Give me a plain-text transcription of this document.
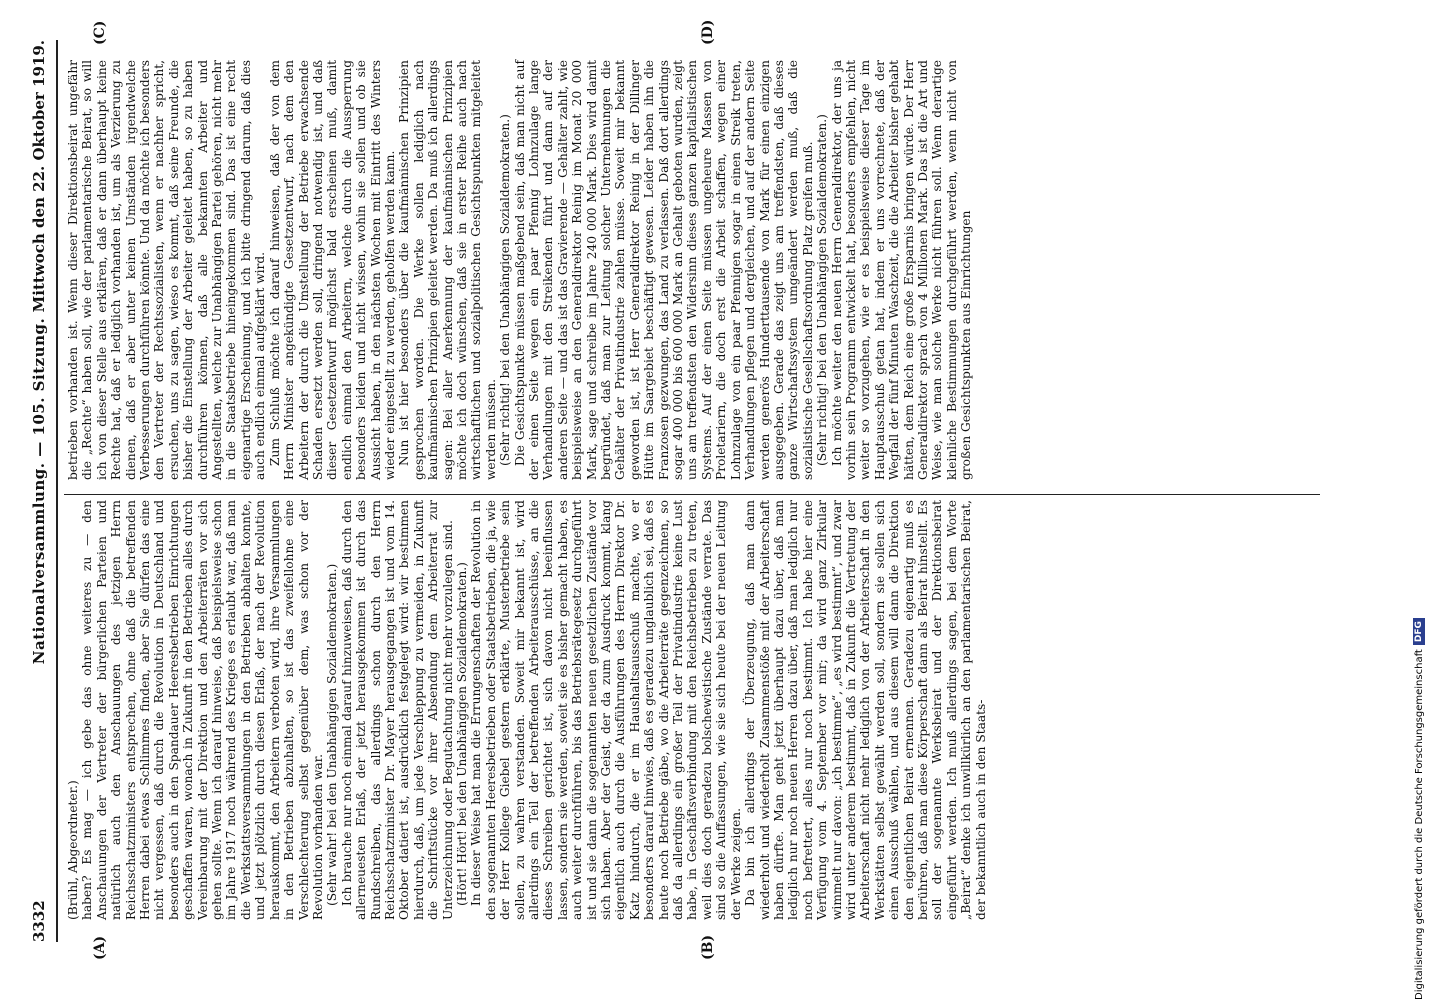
3332
Nationalversammlung. — 105. Sitzung.
Mittwoch den 22. Oktober 1919.
(A)	(B)
(C)	(D)

(Brühl, Abgeordneter.) haben? Es mag — ich gebe das ohne weiteres zu — den Anschauungen der Vertreter der bürgerlichen Parteien und natürlich auch den Anschauungen des jetzigen Herrn Reichsschatzministers entsprechen, ohne daß die betreffenden Herren dabei etwas Schlimmes finden, aber Sie dürfen das eine nicht vergessen, daß durch die Revolution in Deutschland und besonders auch in den Spandauer Heeresbetrieben Einrichtungen geschaffen waren, wonach in Zukunft in den Betrieben alles durch Vereinbarung mit der Direktion und den Arbeiterräten vor sich gehen sollte. Wenn ich darauf hinweise, daß beispielsweise schon im Jahre 1917 noch während des Krieges es erlaubt war, daß man die Werkstattsversammlungen in den Betrieben abhalten konnte, und jetzt plötzlich durch diesen Erlaß, der nach der Revolution herauskommt, den Arbeitern verboten wird, ihre Versammlungen in den Betrieben abzuhalten, so ist das zweifellohne eine Verschlechterung selbst gegenüber dem, was schon vor der Revolution vorhanden war. (Sehr wahr! bei den Unabhängigen Sozialdemokraten.) Ich brauche nur noch einmal darauf hinzuweisen, daß durch den allerneuesten Erlaß, der jetzt herausgekommen ist durch das Rundschreiben, das allerdings schon durch den Herrn Reichsschatzminister Dr. Mayer herausgegangen ist und vom 14. Oktober datiert ist, ausdrücklich festgelegt wird: wir bestimmen hierdurch, daß, um jede Verschleppung zu vermeiden, in Zukunft die Schriftstücke vor ihrer Absendung dem Arbeiterrat zur Unterzeichnung oder Begutachtung nicht mehr vorzulegen sind. (Hört! Hört! bei den Unabhängigen Sozialdemokraten.) In dieser Weise hat man die Errungenschaften der Revolution in den sogenannten Heeresbetrieben oder Staatsbetrieben, die ja, wie der Herr Kollege Giebel gestern erklärte, Musterbetriebe sein sollen, zu wahren verstanden. Soweit mir bekannt ist, wird allerdings ein Teil der betreffenden Arbeiterausschüsse, an die dieses Schreiben gerichtet ist, sich davon nicht beeinflussen lassen, sondern sie werden, soweit sie es bisher gemacht haben, es auch weiter durchführen, bis das Betriebsrätegesetz durchgeführt ist und sie dann die sogenannten neuen gesetzlichen Zustände vor sich haben. Aber der Geist, der da zum Ausdruck kommt, klang eigentlich auch durch die Ausführungen des Herrn Direktor Dr. Katz hindurch, die er im Haushaltsausschuß machte, wo er besonders darauf hinwies, daß es geradezu unglaublich sei, daß es heute noch Betriebe gäbe, wo die Arbeiterräte gegenzeichnen, so daß da allerdings ein großer Teil der Privatindustrie keine Lust habe, in Geschäftsverbindung mit den Reichsbetrieben zu treten, weil dies doch geradezu bolschewistische Zustände verrate. Das sind so die Auffassungen, wie sie sich heute bei der neuen Leitung der Werke zeigen. Da bin ich allerdings der Überzeugung, daß man dann wiederholt und wiederholt Zusammenstöße mit der Arbeiterschaft haben dürfte. Man geht jetzt überhaupt dazu über, daß man lediglich nur noch neuen Herren dazu über, daß man lediglich nur noch befrettert, alles nur noch bestimmt. Ich habe hier eine Verfügung vom 4. September vor mir; da wird ganz Zirkular wimmelt nur davon: „ich bestimme“, „es wird bestimmt“, und zwar wird unter anderem bestimmt, daß in Zukunft die Vertretung der Arbeiterschaft nicht mehr lediglich von der Arbeiterschaft in den Werkstätten selbst gewählt werden soll, sondern sie sollen sich einen Ausschuß wählen, und aus diesem will dann die Direktion den eigentlichen Beirat ernennen. Geradezu eigenartig muß es berühren, daß man diese Körperschaft dann als Beirat hinstellt. Es soll der sogenannte Werksbeirat und der Direktionsbeirat eingeführt werden. Ich muß allerdings sagen, bei dem Worte „Beirat“ denke ich unwillkürlich an den parlamentarischen Beirat, der bekanntlich auch in den Staats-

betrieben vorhanden ist. Wenn dieser Direktionsbeirat ungefähr die „Rechte“ haben soll, wie der parlamentarische Beirat, so will ich von dieser Stelle aus erklären, daß er dann überhaupt keine Rechte hat, daß er lediglich vorhanden ist, um als Verzierung zu dienen, daß er aber unter keinen Umständen irgendwelche Verbesserungen durchführen könnte. Und da möchte ich besonders den Vertreter der Rechtssozialisten, wenn er nachher spricht, ersuchen, uns zu sagen, wieso es kommt, daß seine Freunde, die bisher die Einstellung der Arbeiter geleitet haben, so zu haben durchführen können, daß alle bekannten Arbeiter und Angestellten, welche zur Unabhängigen Partei gehören, nicht mehr in die Staatsbetriebe hineingekommen sind. Das ist eine recht eigenartige Erscheinung, und ich bitte dringend darum, daß dies auch endlich einmal aufgeklärt wird. Zum Schluß möchte ich darauf hinweisen, daß der von dem Herrn Minister angekündigte Gesetzentwurf, nach dem den Arbeitern der durch die Umstellung der Betriebe erwachsende Schaden ersetzt werden soll, dringend notwendig ist, und daß dieser Gesetzentwurf möglichst bald erscheinen muß, damit endlich einmal den Arbeitern, welche durch die Aussperrung besonders leiden und nicht wissen, wohin sie sollen und ob sie Aussicht haben, in den nächsten Wochen mit Eintritt des Winters wieder eingestellt zu werden, geholfen werden kann. Nun ist hier besonders über die kaufmännischen Prinzipien gesprochen worden. Die Werke sollen lediglich nach kaufmännischen Prinzipien geleitet werden. Da muß ich allerdings sagen: Bei aller Anerkennung der kaufmännischen Prinzipien möchte ich doch wünschen, daß sie in erster Reihe auch nach wirtschaftlichen und sozialpolitischen Gesichtspunkten mitgeleitet werden müssen. (Sehr richtig! bei den Unabhängigen Sozialdemokraten.) Die Gesichtspunkte müssen maßgebend sein, daß man nicht auf der einen Seite wegen ein paar Pfennig Lohnzulage lange Verhandlungen mit den Streikenden führt und dann auf der anderen Seite — und das ist das Gravierende — Gehälter zahlt, wie beispielsweise an den Generaldirektor Reinig im Monat 20 000 Mark, sage und schreibe im Jahre 240 000 Mark. Dies wird damit begründet, daß man zur Leitung solcher Unternehmungen die Gehälter der Privatindustrie zahlen müsse. Soweit mir bekannt geworden ist, ist Herr Generaldirektor Reinig in der Dillinger Hütte im Saargebiet beschäftigt gewesen. Leider haben ihn die Franzosen gezwungen, das Land zu verlassen. Daß dort allerdings sogar 400 000 bis 600 000 Mark an Gehalt geboten wurden, zeigt uns am treffendsten den Widersinn dieses ganzen kapitalistischen Systems. Auf der einen Seite müssen ungeheure Massen von Proletariern, die doch erst die Arbeit schaffen, wegen einer Lohnzulage von ein paar Pfennigen sogar in einen Streik treten, Verhandlungen pflegen und dergleichen, und auf der andern Seite werden generös Hunderttausende von Mark für einen einzigen ausgegeben. Gerade das zeigt uns am treffendsten, daß dieses ganze Wirtschaftssystem umgeändert werden muß, daß die sozialistische Gesellschaftsordnung Platz greifen muß. (Sehr richtig! bei den Unabhängigen Sozialdemokraten.) Ich möchte weiter den neuen Herrn Generaldirektor, der uns ja vorhin sein Programm entwickelt hat, besonders empfehlen, nicht weiter so vorzugehen, wie er es beispielsweise dieser Tage im Hauptausschuß getan hat, indem er uns vorrechnete, daß der Wegfall der fünf Minuten Waschzeit, die die Arbeiter bisher gehabt hätten, dem Reich eine große Ersparnis bringen würde. Der Herr Generaldirektor sprach von 4 Millionen Mark. Das ist die Art und Weise, wie man solche Werke nicht führen soll. Wenn derartige kleinliche Bestimmungen durchgeführt werden, wenn nicht von großen Gesichtspunkten aus Einrichtungen

Digitalisierung gefördert durch die Deutsche Forschungsgemeinschaft
DFG
